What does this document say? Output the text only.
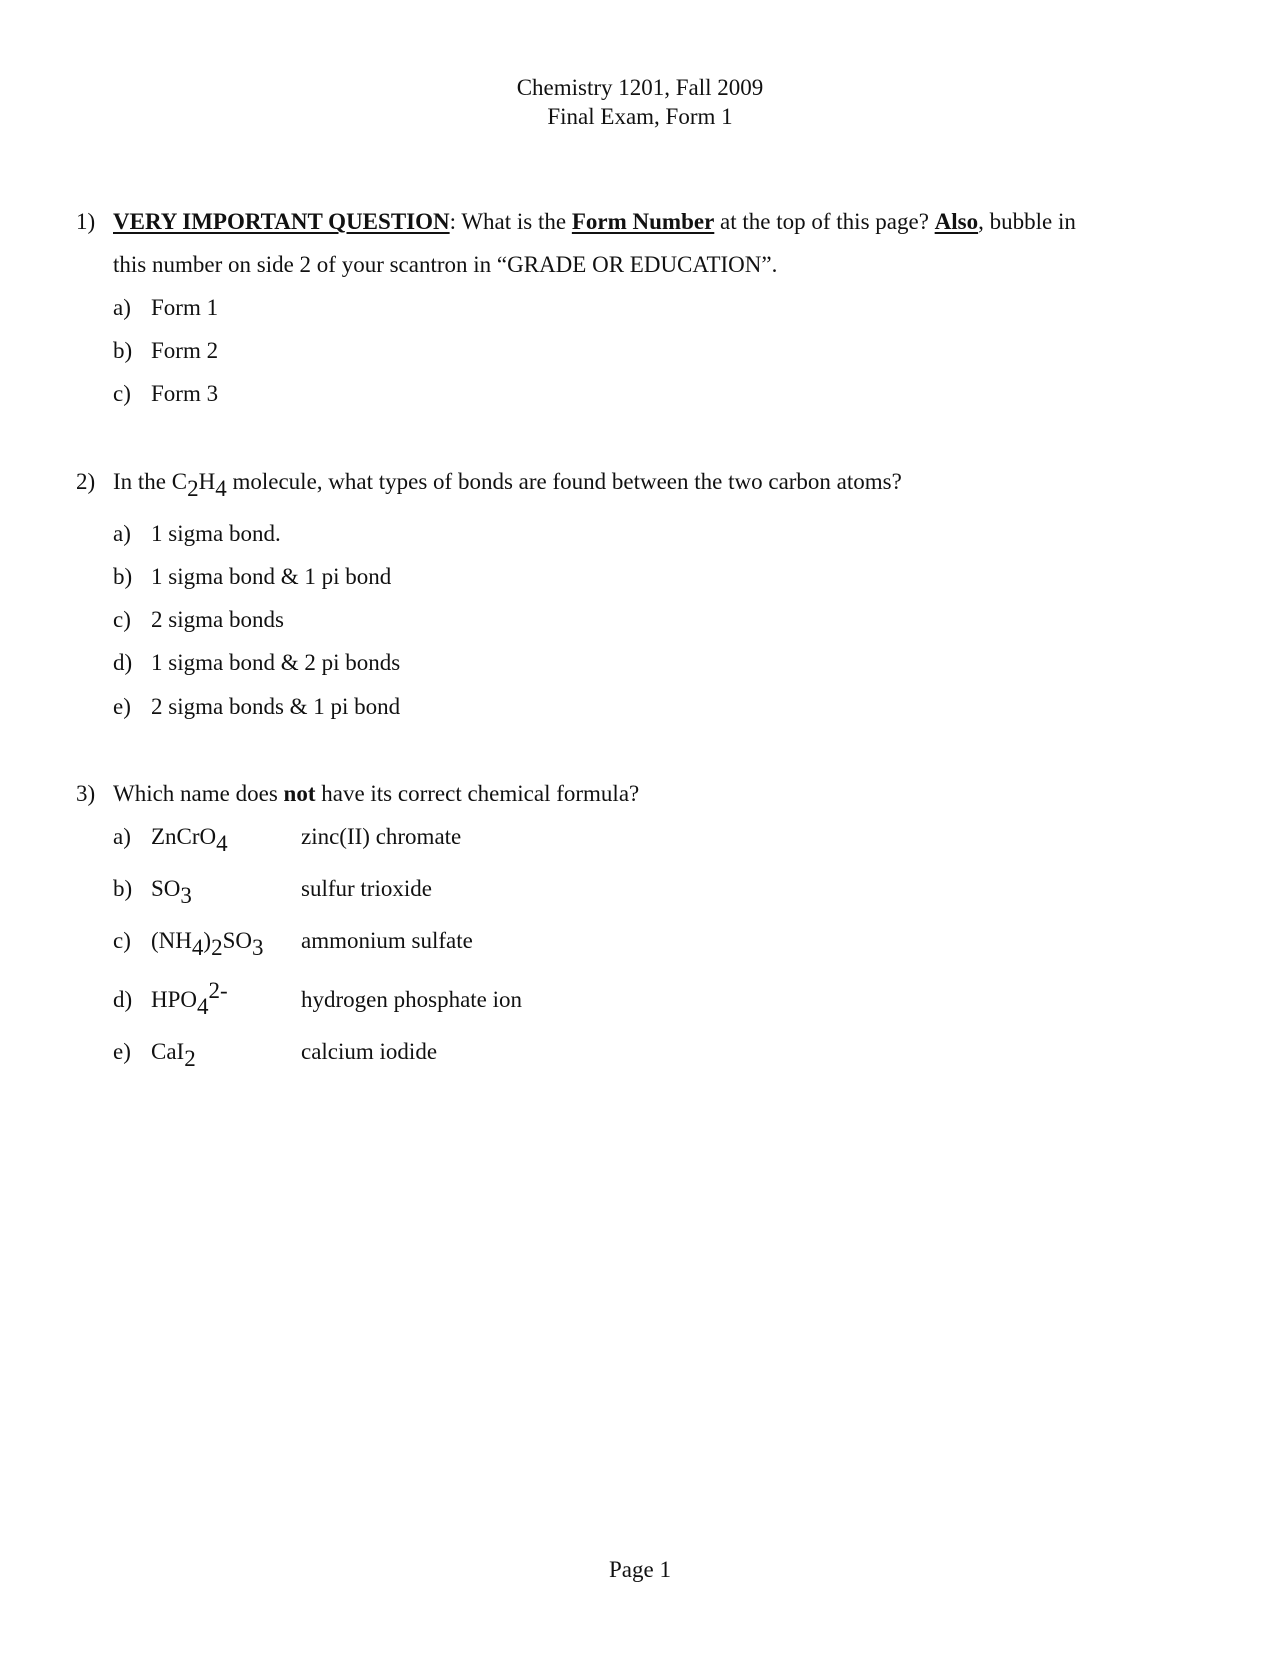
Chemistry 1201, Fall 2009
Final Exam, Form 1
1) VERY IMPORTANT QUESTION: What is the Form Number at the top of this page? Also, bubble in
this number on side 2 of your scantron in “GRADE OR EDUCATION”.
a) Form 1
b) Form 2
c) Form 3
2) In the $C_2H_4$ molecule, what types of bonds are found between the two carbon atoms?
a) 1 sigma bond.
b) 1 sigma bond & 1 pi bond
c) 2 sigma bonds
d) 1 sigma bond & 2 pi bonds
e) 2 sigma bonds & 1 pi bond
3) Which name does not have its correct chemical formula?
a) ZnCrO$_4$	zinc(II) chromate
b) $SO_3$	sulfur trioxide
c) $(NH_4)_2SO_3$ ammonium sulfate
d) $HPO_4^{2-}$	hydrogen phosphate ion
e) CaI$_2$	calcium iodide
Page 1
